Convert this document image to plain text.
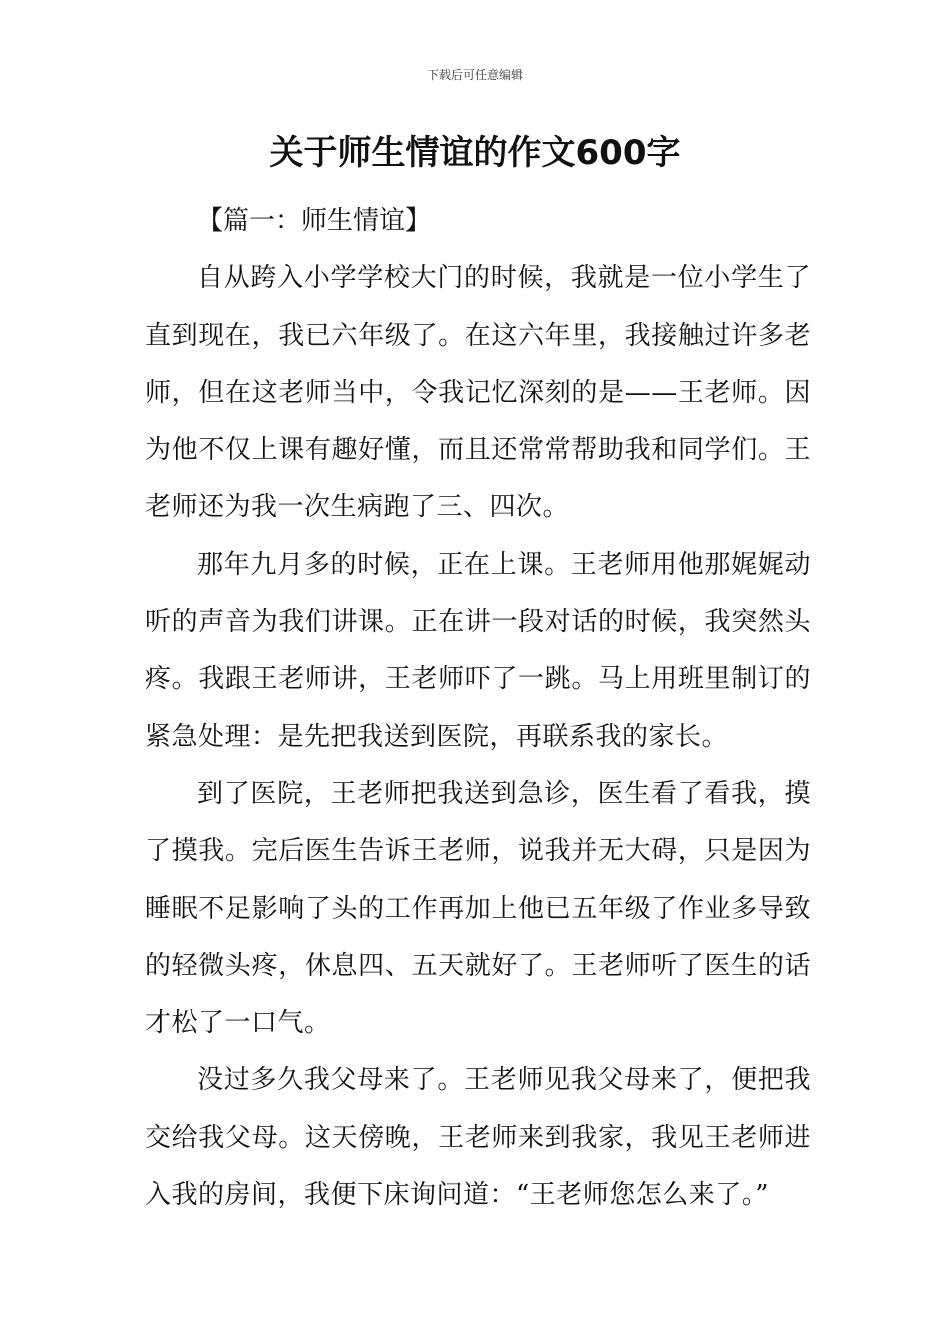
下载后可任意编辑
关于师生情谊的作文600字

【篇一：师生情谊】

自从跨入小学学校大门的时候，我就是一位小学生了直到现在，我已六年级了。在这六年里，我接触过许多老师，但在这老师当中，令我记忆深刻的是——王老师。因为他不仅上课有趣好懂，而且还常常帮助我和同学们。王老师还为我一次生病跑了三、四次。

那年九月多的时候，正在上课。王老师用他那娓娓动听的声音为我们讲课。正在讲一段对话的时候，我突然头疼。我跟王老师讲，王老师吓了一跳。马上用班里制订的紧急处理：是先把我送到医院，再联系我的家长。

到了医院，王老师把我送到急诊，医生看了看我，摸了摸我。完后医生告诉王老师，说我并无大碍，只是因为睡眠不足影响了头的工作再加上他已五年级了作业多导致的轻微头疼，休息四、五天就好了。王老师听了医生的话才松了一口气。

没过多久我父母来了。王老师见我父母来了，便把我交给我父母。这天傍晚，王老师来到我家，我见王老师进入我的房间，我便下床询问道：“王老师您怎么来了。”
